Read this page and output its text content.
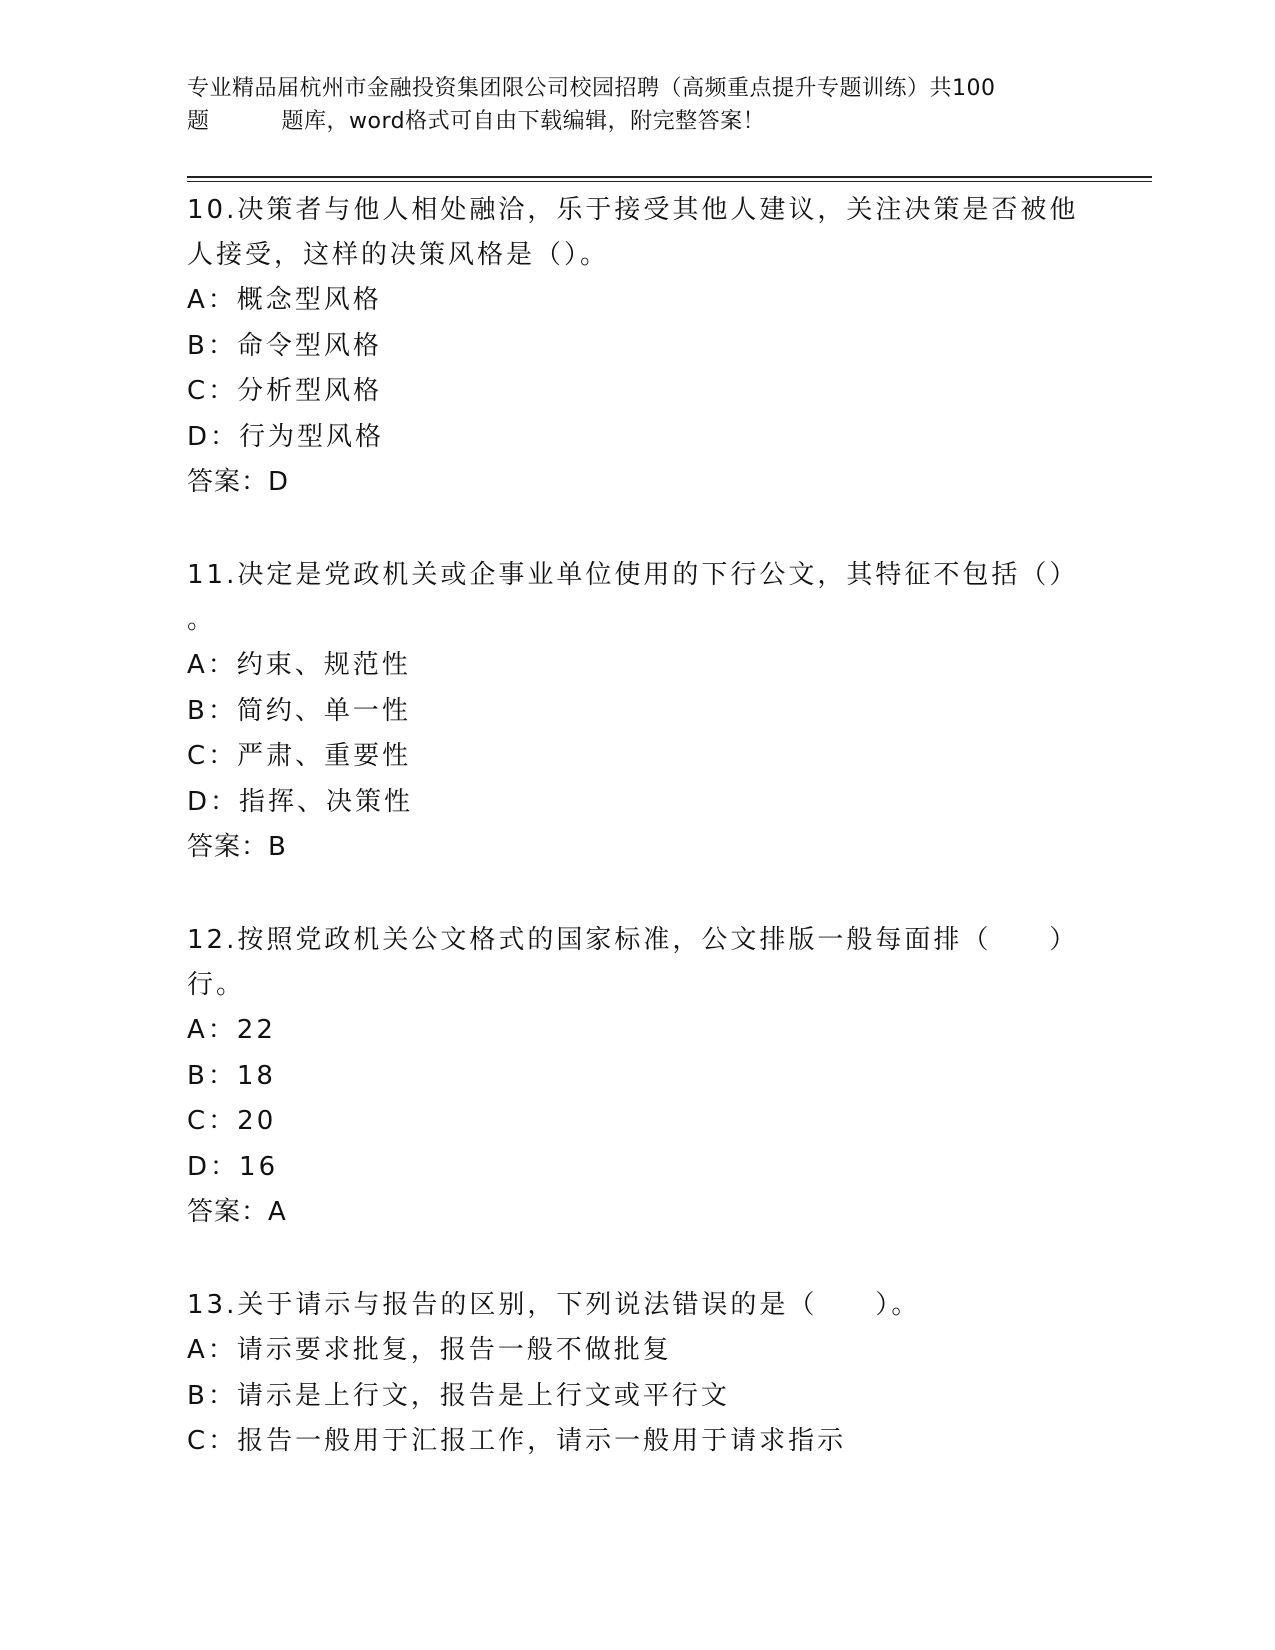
专业精品届杭州市金融投资集团限公司校园招聘（高频重点提升专题训练）共100
题	题库，word格式可自由下载编辑，附完整答案！
10.决策者与他人相处融洽，乐于接受其他人建议，关注决策是否被他
人接受，这样的决策风格是（）。
A：概念型风格
B：命令型风格
C：分析型风格
D：行为型风格
答案：D
11.决定是党政机关或企事业单位使用的下行公文，其特征不包括（）
。
A：约束、规范性
B：简约、单一性
C：严肃、重要性
D：指挥、决策性
答案：B
12.按照党政机关公文格式的国家标准，公文排版一般每面排（　　）
行。
A：22
B：18
C：20
D：16
答案：A
13.关于请示与报告的区别，下列说法错误的是（　　）。
A：请示要求批复，报告一般不做批复
B：请示是上行文，报告是上行文或平行文
C：报告一般用于汇报工作，请示一般用于请求指示
